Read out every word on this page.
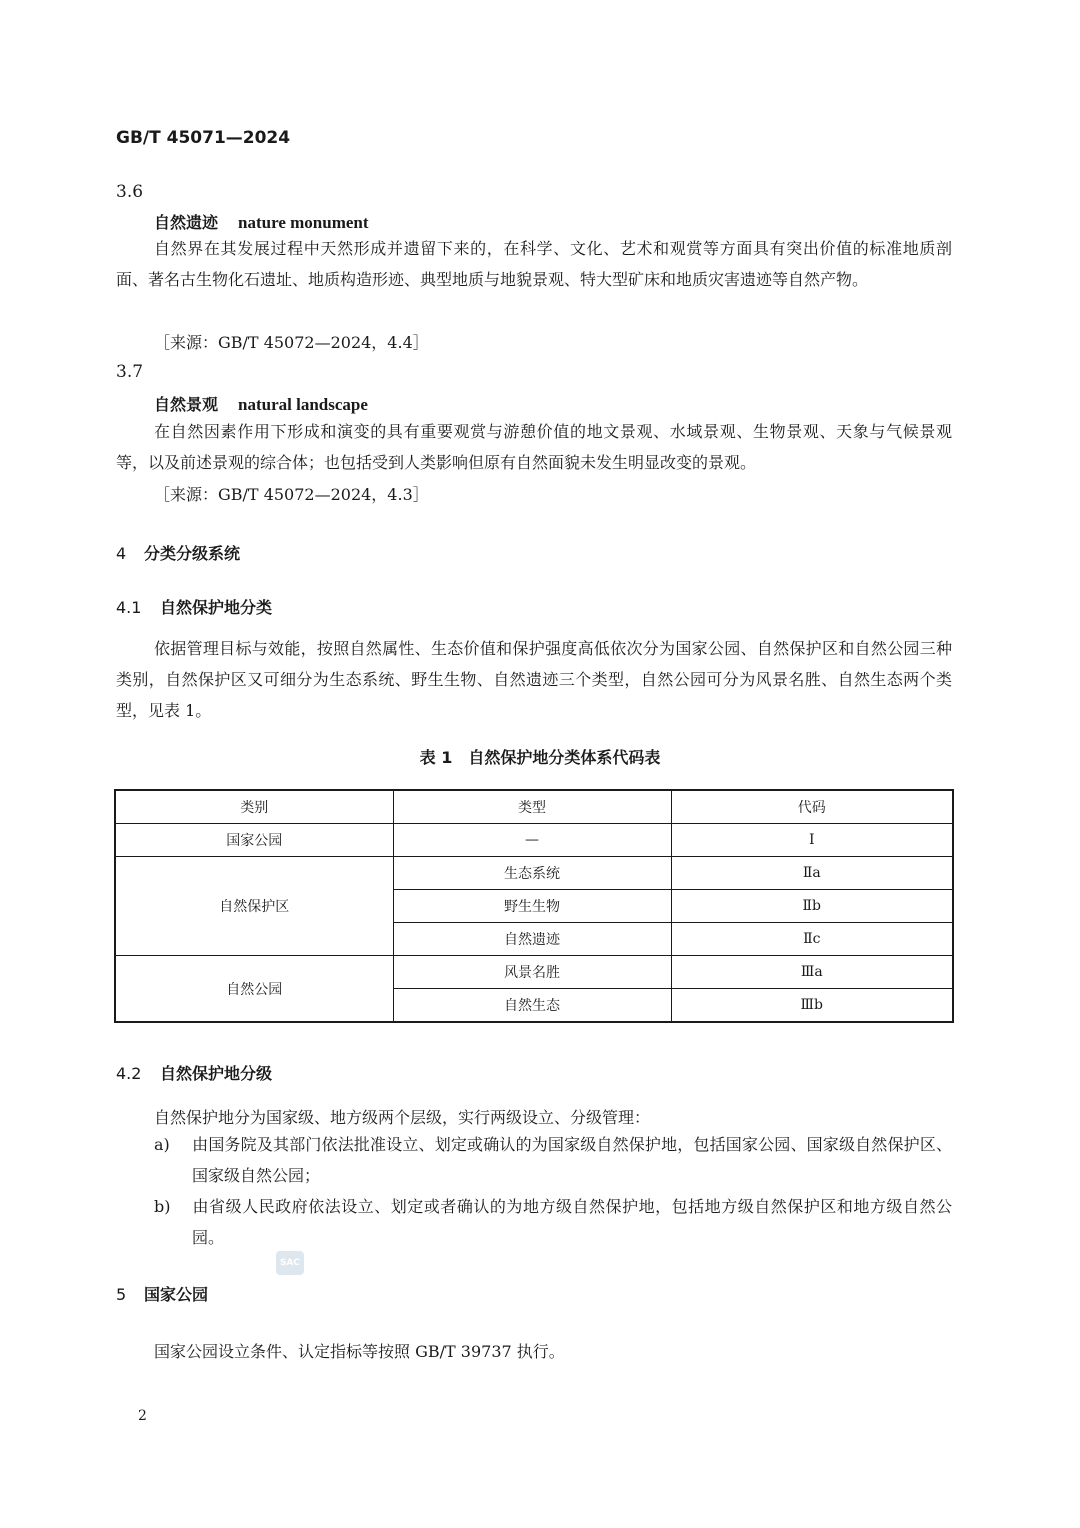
GB/T 45071—2024
3.6
自然遗迹 nature monument
自然界在其发展过程中天然形成并遗留下来的，在科学、文化、艺术和观赏等方面具有突出价值的标准地质剖面、著名古生物化石遗址、地质构造形迹、典型地质与地貌景观、特大型矿床和地质灾害遗迹等自然产物。
［来源：GB/T 45072—2024，4.4］
3.7
自然景观 natural landscape
在自然因素作用下形成和演变的具有重要观赏与游憩价值的地文景观、水域景观、生物景观、天象与气候景观等，以及前述景观的综合体；也包括受到人类影响但原有自然面貌未发生明显改变的景观。
［来源：GB/T 45072—2024，4.3］
4 分类分级系统
4.1 自然保护地分类
依据管理目标与效能，按照自然属性、生态价值和保护强度高低依次分为国家公园、自然保护区和自然公园三种类别，自然保护区又可细分为生态系统、野生生物、自然遗迹三个类型，自然公园可分为风景名胜、自然生态两个类型，见表 1。
表 1　自然保护地分类体系代码表
类别	类型	代码
国家公园	—	Ⅰ
自然保护区	生态系统	Ⅱa
	野生生物	Ⅱb
	自然遗迹	Ⅱc
自然公园	风景名胜	Ⅲa
	自然生态	Ⅲb
4.2 自然保护地分级
自然保护地分为国家级、地方级两个层级，实行两级设立、分级管理：
a) 由国务院及其部门依法批准设立、划定或确认的为国家级自然保护地，包括国家公园、国家级自然保护区、国家级自然公园；
b) 由省级人民政府依法设立、划定或者确认的为地方级自然保护地，包括地方级自然保护区和地方级自然公园。
SAC
5 国家公园
国家公园设立条件、认定指标等按照 GB/T 39737 执行。
2
